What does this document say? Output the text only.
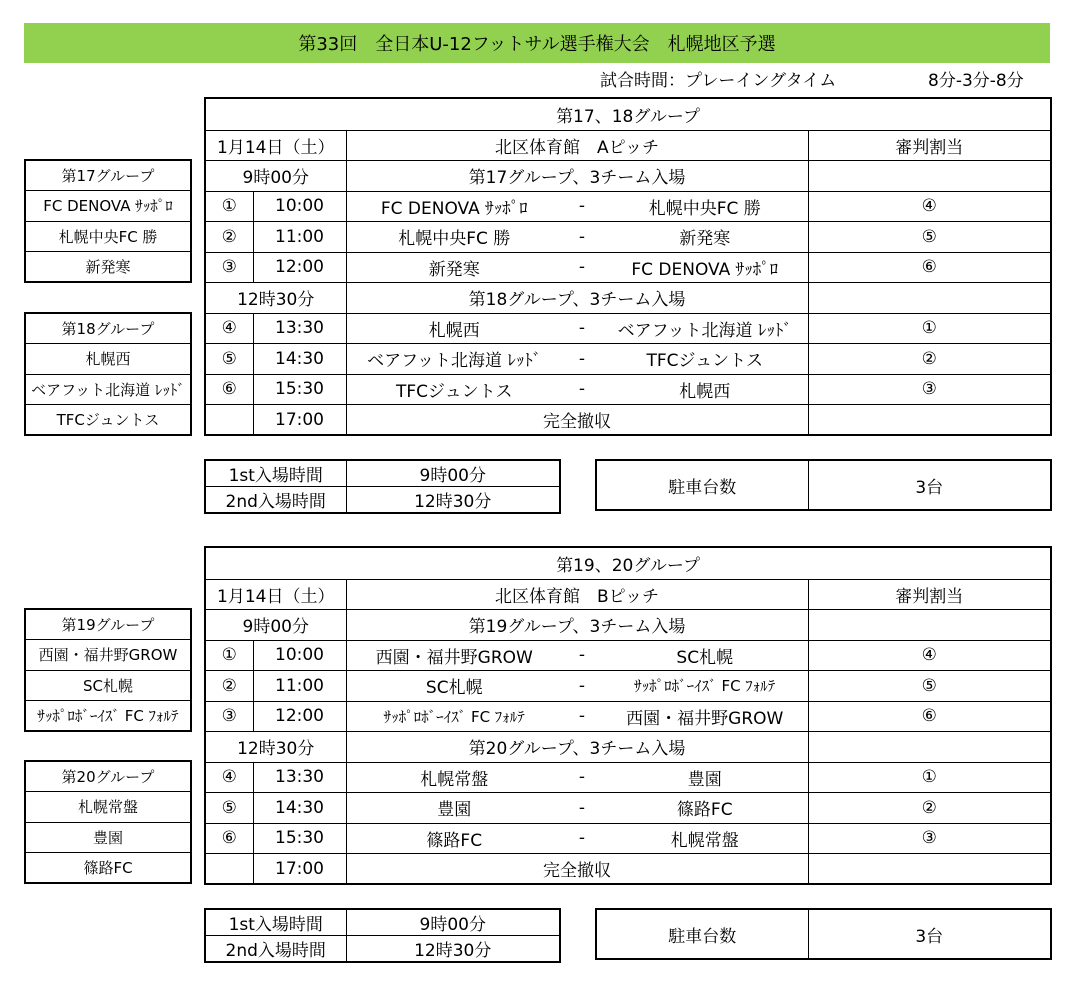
第33回　全日本U-12フットサル選手権大会　札幌地区予選
試合時間：プレーイングタイム	8分-3分-8分
第17、18グループ					
1月14日（土）		北区体育館　Aピッチ			審判割当
9時00分		第17グループ、3チーム入場			
①	10:00	FC DENOVA ｻｯﾎﾟﾛ	-	札幌中央FC 勝	④
②	11:00	札幌中央FC 勝	-	新発寒	⑤
③	12:00	新発寒	-	FC DENOVA ｻｯﾎﾟﾛ	⑥
12時30分		第18グループ、3チーム入場			
④	13:30	札幌西	-	ベアフット北海道 ﾚｯﾄﾞ	①
⑤	14:30	ベアフット北海道 ﾚｯﾄﾞ	-	TFCジュントス	②
⑥	15:30	TFCジュントス	-	札幌西	③
	17:00	完全撤収			
第17グループ
FC DENOVA ｻｯﾎﾟﾛ
札幌中央FC 勝
新発寒
第18グループ
札幌西
ベアフット北海道 ﾚｯﾄﾞ
TFCジュントス
1st入場時間	9時00分
2nd入場時間	12時30分
駐車台数	3台
第19、20グループ					
1月14日（土）		北区体育館　Bピッチ			審判割当
9時00分		第19グループ、3チーム入場			
①	10:00	西園・福井野GROW	-	SC札幌	④
②	11:00	SC札幌	-	ｻｯﾎﾟﾛﾎﾞｰｲｽﾞ FC ﾌｫﾙﾃ	⑤
③	12:00	ｻｯﾎﾟﾛﾎﾞｰｲｽﾞ FC ﾌｫﾙﾃ	-	西園・福井野GROW	⑥
12時30分		第20グループ、3チーム入場			
④	13:30	札幌常盤	-	豊園	①
⑤	14:30	豊園	-	篠路FC	②
⑥	15:30	篠路FC	-	札幌常盤	③
	17:00	完全撤収			
第19グループ
西園・福井野GROW
SC札幌
ｻｯﾎﾟﾛﾎﾞｰｲｽﾞ FC ﾌｫﾙﾃ
第20グループ
札幌常盤
豊園
篠路FC
1st入場時間	9時00分
2nd入場時間	12時30分
駐車台数	3台
